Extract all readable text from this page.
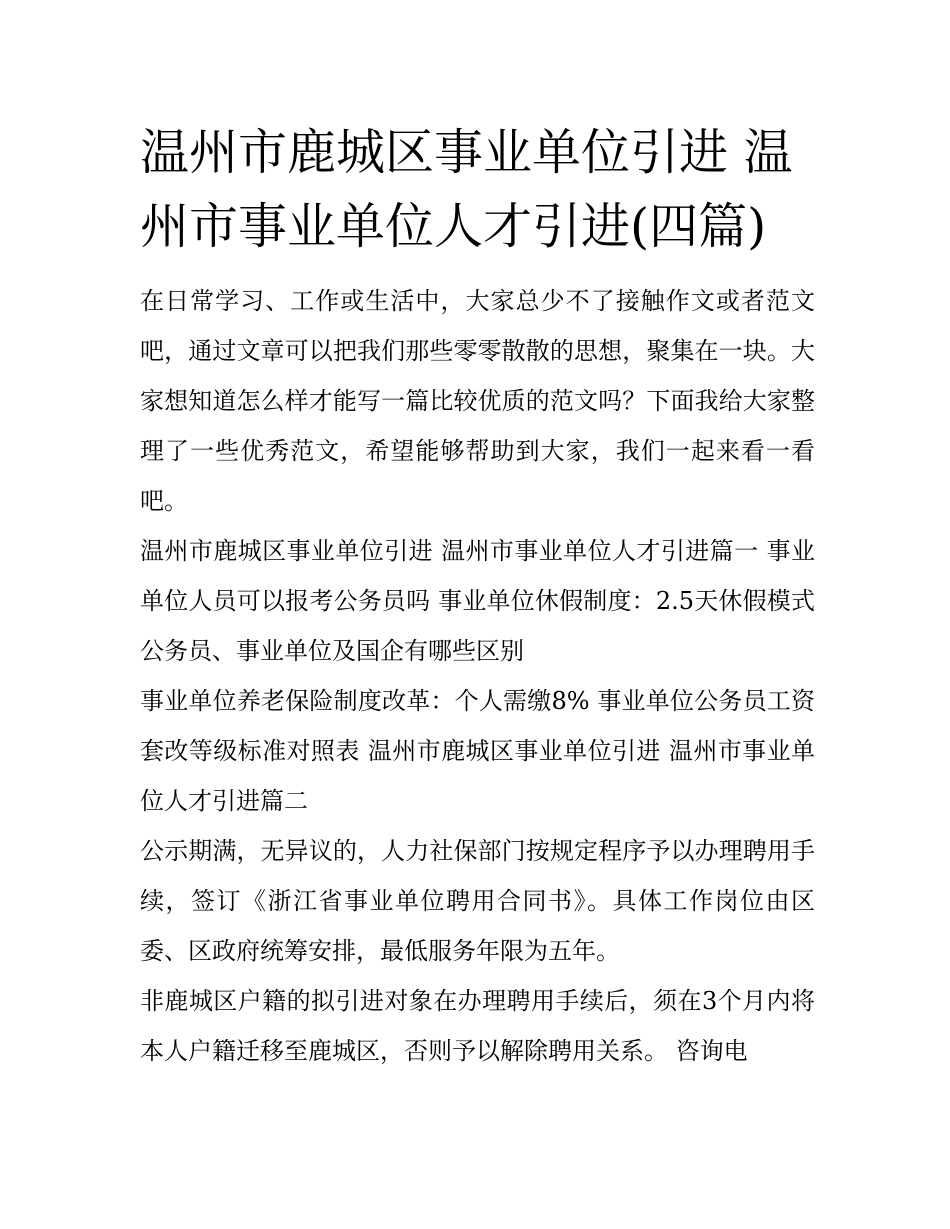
温州市鹿城区事业单位引进 温州市事业单位人才引进(四篇)

在日常学习、工作或生活中，大家总少不了接触作文或者范文吧，通过文章可以把我们那些零零散散的思想，聚集在一块。大家想知道怎么样才能写一篇比较优质的范文吗？下面我给大家整理了一些优秀范文，希望能够帮助到大家，我们一起来看一看吧。

温州市鹿城区事业单位引进 温州市事业单位人才引进篇一 事业单位人员可以报考公务员吗 事业单位休假制度：2.5天休假模式 公务员、事业单位及国企有哪些区别

事业单位养老保险制度改革：个人需缴8% 事业单位公务员工资套改等级标准对照表 温州市鹿城区事业单位引进 温州市事业单位人才引进篇二

公示期满，无异议的，人力社保部门按规定程序予以办理聘用手续，签订《浙江省事业单位聘用合同书》。具体工作岗位由区委、区政府统筹安排，最低服务年限为五年。

非鹿城区户籍的拟引进对象在办理聘用手续后，须在3个月内将本人户籍迁移至鹿城区，否则予以解除聘用关系。 咨询电
